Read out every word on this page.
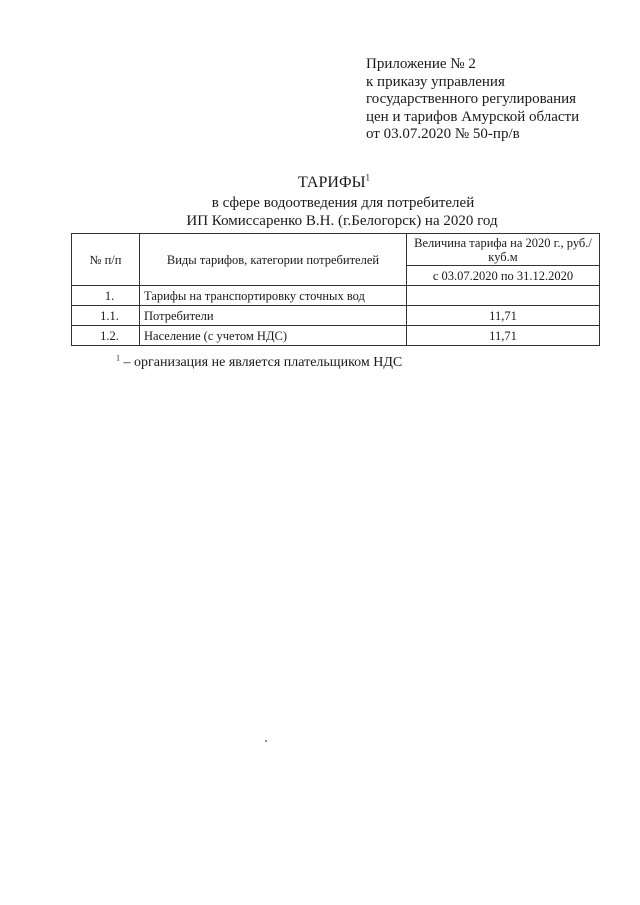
Приложение № 2
к приказу управления
государственного регулирования
цен и тарифов Амурской области
от 03.07.2020 № 50-пр/в
ТАРИФЫ$^1$
в сфере водоотведения для потребителей
ИП Комиссаренко В.Н. (г.Белогорск) на 2020 год
№ п/п	Виды тарифов, категории потребителей	Величина тарифа на 2020 г., руб./куб.м
		с 03.07.2020 по 31.12.2020
1.	Тарифы на транспортировку сточных вод	
1.1.	Потребители	11,71
1.2.	Население (с учетом НДС)	11,71
$^1$ – организация не является плательщиком НДС
